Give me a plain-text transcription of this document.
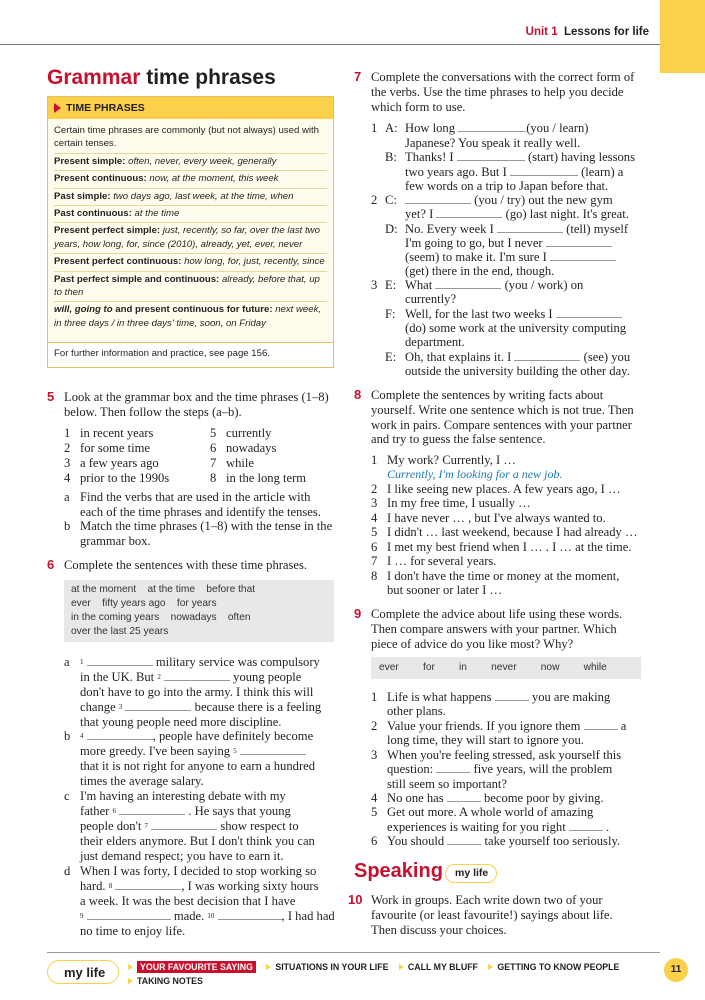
Unit 1 Lessons for life
Grammar time phrases
TIME PHRASES

Certain time phrases are commonly (but not always) used with certain tenses.

Present simple: often, never, every week, generally

Present continuous: now, at the moment, this week

Past simple: two days ago, last week, at the time, when

Past continuous: at the time

Present perfect simple: just, recently, so far, over the last two years, how long, for, since (2010), already, yet, ever, never

Present perfect continuous: how long, for, just, recently, since

Past perfect simple and continuous: already, before that, up to then

will, going to and present continuous for future: next week, in three days / in three days' time, soon, on Friday

For further information and practice, see page 156.
5 Look at the grammar box and the time phrases (1–8) below. Then follow the steps (a–b).
1 in recent years
2 for some time
3 a few years ago
4 prior to the 1990s
5 currently
6 nowadays
7 while
8 in the long term
a Find the verbs that are used in the article with each of the time phrases and identify the tenses.
b Match the time phrases (1–8) with the tense in the grammar box.
6 Complete the sentences with these time phrases.
at the moment at the time before that
ever fifty years ago for years
in the coming years nowadays often
over the last 25 years
a $^1$	military service was compulsory
in the UK. But $^2$	young people
don't have to go into the army. I think this will
change $^3$	because there is a feeling
that young people need more discipline.
b $^4$	, people have definitely become
more greedy. I've been saying $^5$
that it is not right for anyone to earn a hundred
times the average salary.
c I'm having an interesting debate with my
father $^6$	. He says that young
people don't $^7$	show respect to
their elders anymore. But I don't think you can
just demand respect; you have to earn it.
d When I was forty, I decided to stop working so
hard. $^8$	, I was working sixty hours
a week. It was the best decision that I have
$^9$	made. $^{10}$	, I had had
no time to enjoy life.
7 Complete the conversations with the correct form of the verbs. Use the time phrases to help you decide which form to use.
1 A: How long	(you / learn)
Japanese? You speak it really well.
B: Thanks! I	(start) having lessons
two years ago. But I	(learn) a
few words on a trip to Japan before that.
2 C:	(you / try) out the new gym
yet? I	(go) last night. It's great.
D: No. Every week I	(tell) myself
I'm going to go, but I never
(seem) to make it. I'm sure I
(get) there in the end, though.
3 E: What	(you / work) on
currently?
F: Well, for the last two weeks I
(do) some work at the university computing
department.
E: Oh, that explains it. I	(see) you
outside the university building the other day.
8 Complete the sentences by writing facts about yourself. Write one sentence which is not true. Then work in pairs. Compare sentences with your partner and try to guess the false sentence.
1 My work? Currently, I …
Currently, I'm looking for a new job.
2 I like seeing new places. A few years ago, I …
3 In my free time, I usually …
4 I have never … , but I've always wanted to.
5 I didn't … last weekend, because I had already …
6 I met my best friend when I … . I … at the time.
7 I … for several years.
8 I don't have the time or money at the moment,
but sooner or later I …
9 Complete the advice about life using these words. Then compare answers with your partner. Which piece of advice do you like most? Why?
ever for in never now while
1 Life is what happens	you are making
other plans.
2 Value your friends. If you ignore them	a
long time, they will start to ignore you.
3 When you're feeling stressed, ask yourself this
question:	five years, will the problem
still seem so important?
4 No one has	become poor by giving.
5 Get out more. A whole world of amazing
experiences is waiting for you right	.
6 You should	take yourself too seriously.
Speaking	my life
10 Work in groups. Each write down two of your favourite (or least favourite!) sayings about life. Then discuss your choices.
my life	YOUR FAVOURITE SAYING	SITUATIONS IN YOUR LIFE CALL MY BLUFF GETTING TO KNOW PEOPLE
TAKING NOTES
11
